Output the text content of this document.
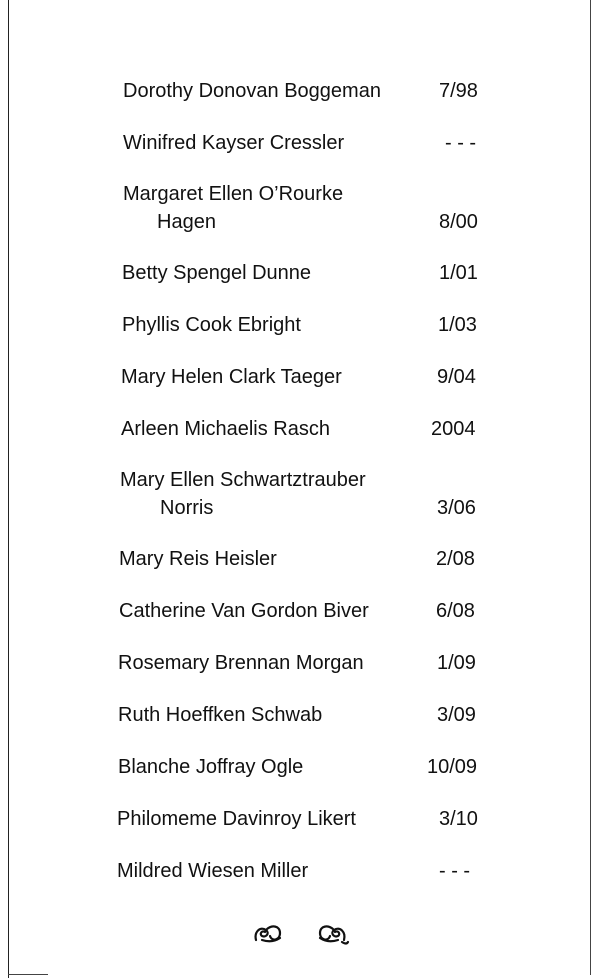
Dorothy Donovan Boggeman	7/98
Winifred Kayser Cressler	- - -
Margaret Ellen O’Rourke
Hagen	8/00
Betty Spengel Dunne	1/01
Phyllis Cook Ebright	1/03
Mary Helen Clark Taeger	9/04
Arleen Michaelis Rasch	2004
Mary Ellen Schwartztrauber
Norris	3/06
Mary Reis Heisler	2/08
Catherine Van Gordon Biver	6/08
Rosemary Brennan Morgan	1/09
Ruth Hoeffken Schwab	3/09
Blanche Joffray Ogle	10/09
Philomeme Davinroy Likert	3/10
Mildred Wiesen Miller	- - -
